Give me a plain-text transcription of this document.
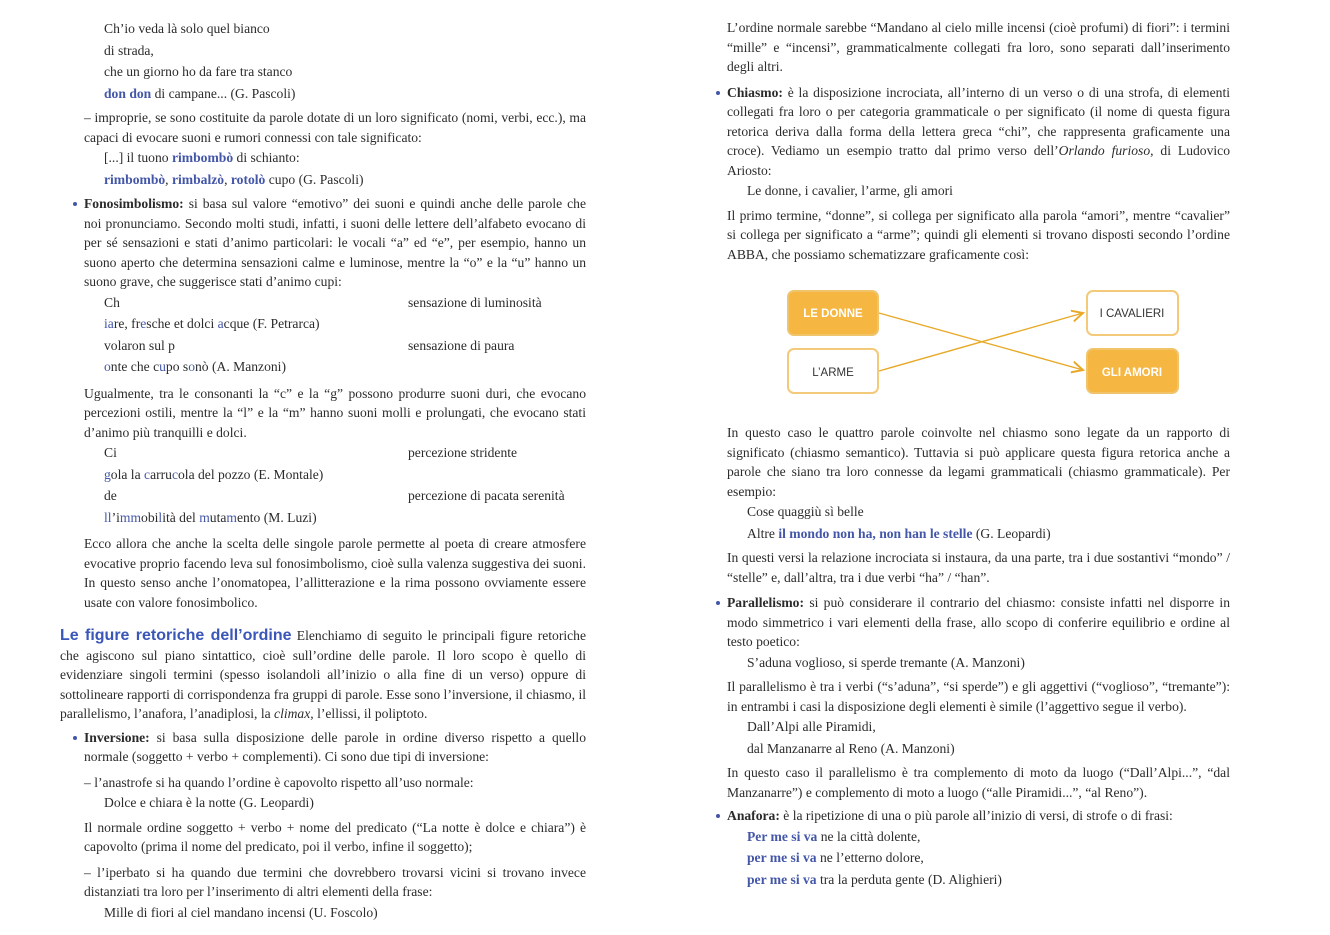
Ch’io veda là solo quel bianco
di strada,
che un giorno ho da fare tra stanco
don don di campane... (G. Pascoli)

– improprie, se sono costituite da parole dotate di un loro significato (nomi, verbi, ecc.), ma capaci di evocare suoni e rumori connessi con tale significato:

[...] il tuono rimbombò di schianto:
rimbombò, rimbalzò, rotolò cupo (G. Pascoli)

Fonosimbolismo: si basa sul valore “emotivo” dei suoni e quindi anche delle parole che noi pronunciamo. Secondo molti studi, infatti, i suoni delle lettere dell’alfabeto evocano di per sé sensazioni e stati d’animo particolari: le vocali “a” ed “e”, per esempio, hanno un suono aperto che determina sensazioni calme e luminose, mentre la “o” e la “u” hanno un suono grave, che suggerisce stati d’animo cupi:

Chiare, fresche et dolci acque (F. Petrarca)
sensazione di luminosità
volaron sul ponte che cupo sonò (A. Manzoni)
sensazione di paura

Ugualmente, tra le consonanti la “c” e la “g” possono produrre suoni duri, che evocano percezioni ostili, mentre la “l” e la “m” hanno suoni molli e prolungati, che evocano stati d’animo più tranquilli e dolci.

Cigola la carrucola del pozzo (E. Montale)
percezione stridente
dell’immobilità del mutamento (M. Luzi)
percezione di pacata serenità

Ecco allora che anche la scelta delle singole parole permette al poeta di creare atmosfere evocative proprio facendo leva sul fonosimbolismo, cioè sulla valenza suggestiva dei suoni. In questo senso anche l’onomatopea, l’allitterazione e la rima possono ovviamente essere usate con valore fonosimbolico.

Le figure retoriche dell’ordine Elenchiamo di seguito le principali figure retoriche che agiscono sul piano sintattico, cioè sull’ordine delle parole. Il loro scopo è quello di evidenziare singoli termini (spesso isolandoli all’inizio o alla fine di un verso) oppure di sottolineare rapporti di corrispondenza fra gruppi di parole. Esse sono l’inversione, il chiasmo, il parallelismo, l’anafora, l’anadiplosi, la climax, l’ellissi, il poliptoto.

Inversione: si basa sulla disposizione delle parole in ordine diverso rispetto a quello normale (soggetto + verbo + complementi). Ci sono due tipi di inversione:

– l’anastrofe si ha quando l’ordine è capovolto rispetto all’uso normale:

Dolce e chiara è la notte (G. Leopardi)

Il normale ordine soggetto + verbo + nome del predicato (“La notte è dolce e chiara”) è capovolto (prima il nome del predicato, poi il verbo, infine il soggetto);

– l’iperbato si ha quando due termini che dovrebbero trovarsi vicini si trovano invece distanziati tra loro per l’inserimento di altri elementi della frase:

Mille di fiori al ciel mandano incensi (U. Foscolo)

L’ordine normale sarebbe “Mandano al cielo mille incensi (cioè profumi) di fiori”: i termini “mille” e “incensi”, grammaticalmente collegati fra loro, sono separati dall’inserimento degli altri.

Chiasmo: è la disposizione incrociata, all’interno di un verso o di una strofa, di elementi collegati fra loro o per categoria grammaticale o per significato (il nome di questa figura retorica deriva dalla forma della lettera greca “chi”, che rappresenta graficamente una croce). Vediamo un esempio tratto dal primo verso dell’Orlando furioso, di Ludovico Ariosto:

Le donne, i cavalier, l’arme, gli amori

Il primo termine, “donne”, si collega per significato alla parola “amori”, mentre “cavalier” si collega per significato a “arme”; quindi gli elementi si trovano disposti secondo l’ordine ABBA, che possiamo schematizzare graficamente così:

In questo caso le quattro parole coinvolte nel chiasmo sono legate da un rapporto di significato (chiasmo semantico). Tuttavia si può applicare questa figura retorica anche a parole che siano tra loro connesse da legami grammaticali (chiasmo grammaticale). Per esempio:

Cose quaggiù sì belle
Altre il mondo non ha, non han le stelle (G. Leopardi)

In questi versi la relazione incrociata si instaura, da una parte, tra i due sostantivi “mondo” / “stelle” e, dall’altra, tra i due verbi “ha” / “han”.

Parallelismo: si può considerare il contrario del chiasmo: consiste infatti nel disporre in modo simmetrico i vari elementi della frase, allo scopo di conferire equilibrio e ordine al testo poetico:

S’aduna voglioso, si sperde tremante (A. Manzoni)

Il parallelismo è tra i verbi (“s’aduna”, “si sperde”) e gli aggettivi (“voglioso”, “tremante”): in entrambi i casi la disposizione degli elementi è simile (l’aggettivo segue il verbo).

Dall’Alpi alle Piramidi,
dal Manzanarre al Reno (A. Manzoni)

In questo caso il parallelismo è tra complemento di moto da luogo (“Dall’Alpi...”, “dal Manzanarre”) e complemento di moto a luogo (“alle Piramidi...”, “al Reno”).

Anafora: è la ripetizione di una o più parole all’inizio di versi, di strofe o di frasi:

Per me si va ne la città dolente,
per me si va ne l’etterno dolore,
per me si va tra la perduta gente (D. Alighieri)
LE DONNE	I CAVALIERI
L’ARME	GLI AMORI
